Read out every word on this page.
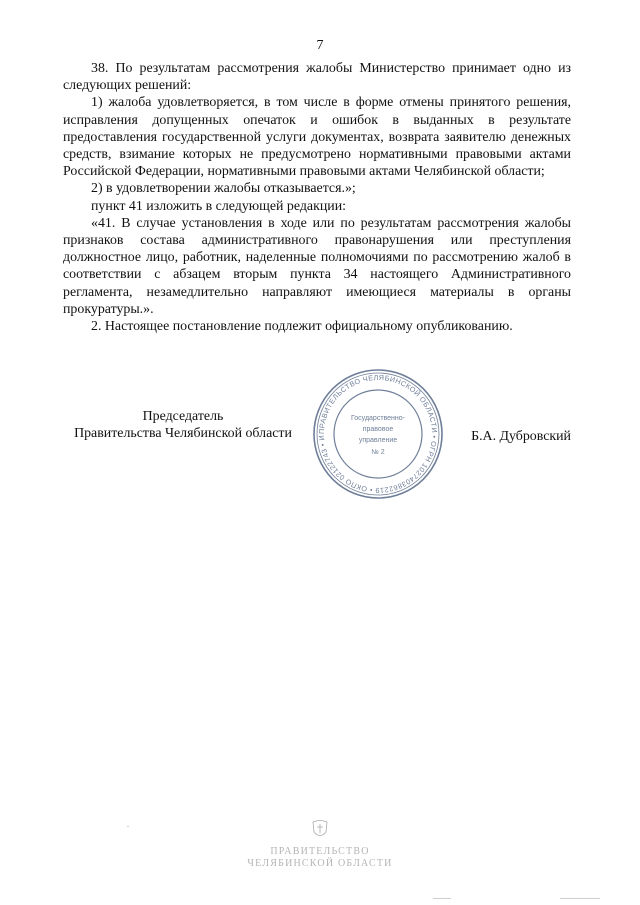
7

38. По результатам рассмотрения жалобы Министерство принимает одно из следующих решений:

1) жалоба удовлетворяется, в том числе в форме отмены принятого решения, исправления допущенных опечаток и ошибок в выданных в результате предоставления государственной услуги документах, возврата заявителю денежных средств, взимание которых не предусмотрено нормативными правовыми актами Российской Федерации, нормативными правовыми актами Челябинской области;

2) в удовлетворении жалобы отказывается.»;

пункт 41 изложить в следующей редакции:

«41. В случае установления в ходе или по результатам рассмотрения жалобы признаков состава административного правонарушения или преступления должностное лицо, работник, наделенные полномочиями по рассмотрению жалоб в соответствии с абзацем вторым пункта 34 настоящего Административного регламента, незамедлительно направляют имеющиеся материалы в органы прокуратуры.».

2. Настоящее постановление подлежит официальному опубликованию.

Председатель
Правительства Челябинской области	Б.А. Дубровский
ПРАВИТЕЛЬСТВО ЧЕЛЯБИНСКОЙ ОБЛАСТИ • ОГРН 1027403862219 • ОКПО 02122743 • И
Государственно-
правовое
управление
№ 2
ПРАВИТЕЛЬСТВО
ЧЕЛЯБИНСКОЙ ОБЛАСТИ
